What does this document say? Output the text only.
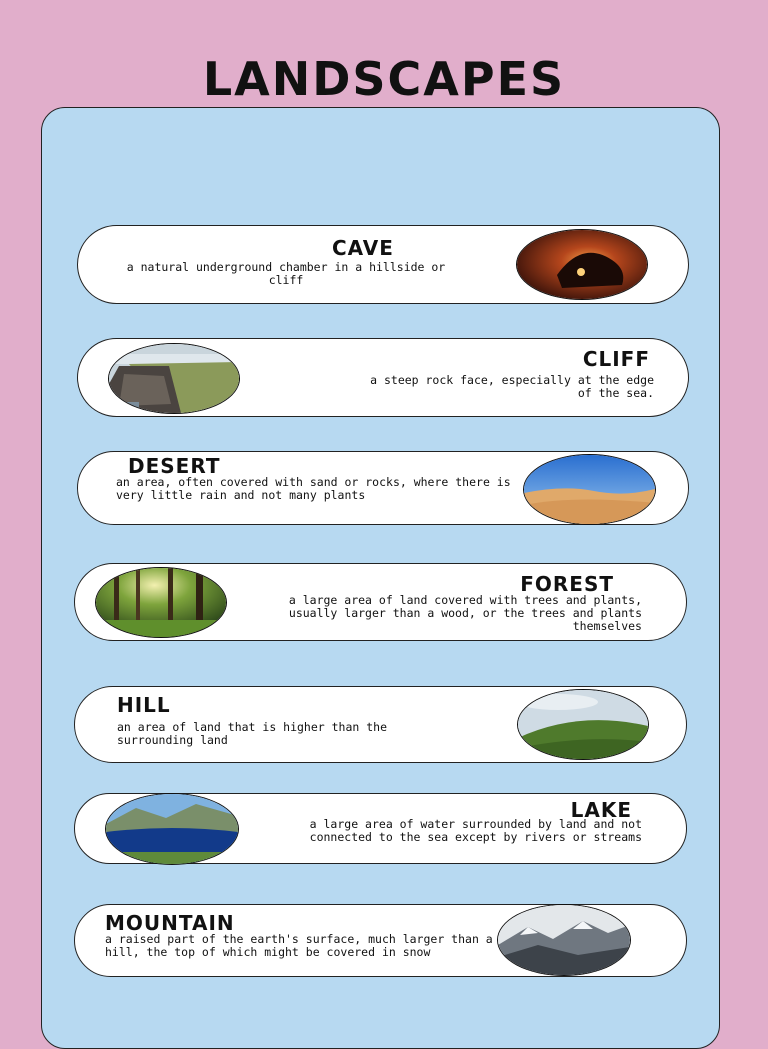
LANDSCAPES
CAVE

a natural underground chamber in a hillside or cliff

CLIFF

a steep rock face, especially at the edge of the sea.

DESERT

an area, often covered with sand or rocks, where there is very little rain and not many plants

FOREST

a large area of land covered with trees and plants, usually larger than a wood, or the trees and plants themselves

HILL

an area of land that is higher than the surrounding land

LAKE

a large area of water surrounded by land and not connected to the sea except by rivers or streams

MOUNTAIN

a raised part of the earth's surface, much larger than a hill, the top of which might be covered in snow
